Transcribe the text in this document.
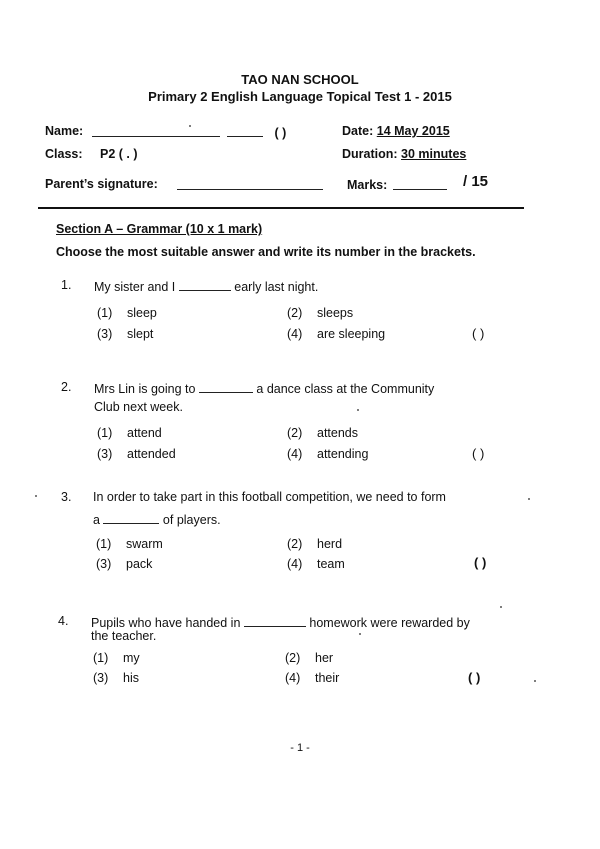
TAO NAN SCHOOL
Primary 2 English Language Topical Test 1 - 2015
Name:	( )	Date: 14 May 2015
Class: P2 ( . )	Duration: 30 minutes
Parent’s signature:	Marks:	/ 15
Section A – Grammar (10 x 1 mark)
Choose the most suitable answer and write its number in the brackets.
1. My sister and I	early last night.
(1) sleep	(2) sleeps
(3) slept	(4) are sleeping	( )
2. Mrs Lin is going to	a dance class at the Community
Club next week.
(1) attend	(2) attends
(3) attended	(4) attending	( )
3. In order to take part in this football competition, we need to form
a	of players.
(1) swarm	(2) herd
(3) pack	(4) team	( )
4. Pupils who have handed in	homework were rewarded by
the teacher.
(1) my	(2) her
(3) his	(4) their	( )
- 1 -
